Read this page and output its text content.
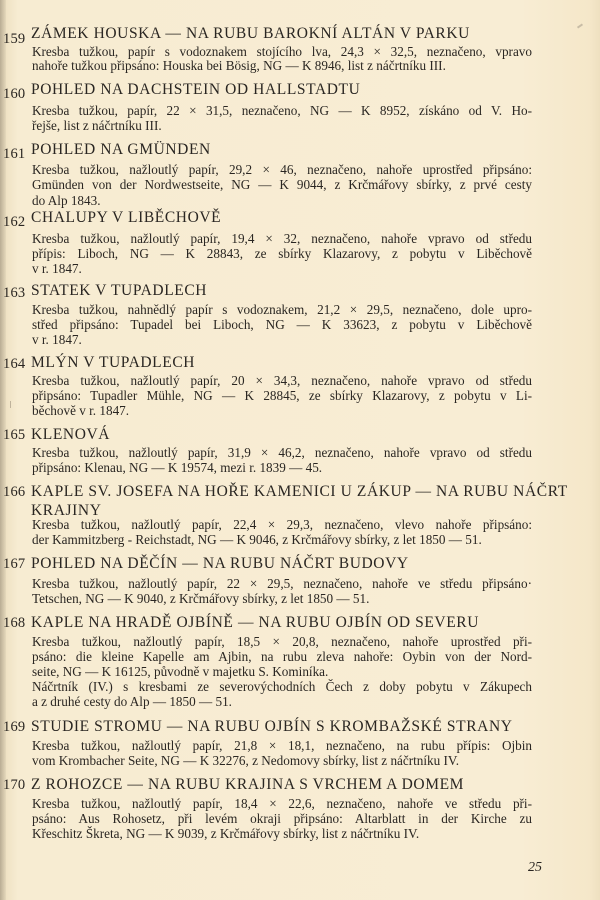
159 ZÁMEK HOUSKA — NA RUBU BAROKNÍ ALTÁN V PARKU
Kresba tužkou, papír s vodoznakem stojícího lva, 24,3 × 32,5, neznačeno, vpravo
nahoře tužkou připsáno: Houska bei Bösig, NG — K 8946, list z náčrtníku III.
160 POHLED NA DACHSTEIN OD HALLSTADTU
Kresba tužkou, papír, 22 × 31,5, neznačeno, NG — K 8952, získáno od V. Ho-
řejše, list z náčrtníku III.
161 POHLED NA GMÜNDEN
Kresba tužkou, nažloutlý papír, 29,2 × 46, neznačeno, nahoře uprostřed připsáno:
Gmünden von der Nordwestseite, NG — K 9044, z Krčmářovy sbírky, z prvé cesty
do Alp 1843.
162 CHALUPY V LIBĚCHOVĚ
Kresba tužkou, nažloutlý papír, 19,4 × 32, neznačeno, nahoře vpravo od středu
přípis: Liboch, NG — K 28843, ze sbírky Klazarovy, z pobytu v Liběchově
v r. 1847.
163 STATEK V TUPADLECH
Kresba tužkou, nahnědlý papír s vodoznakem, 21,2 × 29,5, neznačeno, dole upro-
střed připsáno: Tupadel bei Liboch, NG — K 33623, z pobytu v Liběchově
v r. 1847.
164 MLÝN V TUPADLECH
Kresba tužkou, nažloutlý papír, 20 × 34,3, neznačeno, nahoře vpravo od středu
připsáno: Tupadler Mühle, NG — K 28845, ze sbírky Klazarovy, z pobytu v Li-
běchově v r. 1847.
165 KLENOVÁ
Kresba tužkou, nažloutlý papír, 31,9 × 46,2, neznačeno, nahoře vpravo od středu
připsáno: Klenau, NG — K 19574, mezi r. 1839 — 45.
166 KAPLE SV. JOSEFA NA HOŘE KAMENICI U ZÁKUP — NA RUBU NÁČRT
KRAJINY
Kresba tužkou, nažloutlý papír, 22,4 × 29,3, neznačeno, vlevo nahoře připsáno:
der Kammitzberg - Reichstadt, NG — K 9046, z Krčmářovy sbírky, z let 1850 — 51.
167 POHLED NA DĚČÍN — NA RUBU NÁČRT BUDOVY
Kresba tužkou, nažloutlý papír, 22 × 29,5, neznačeno, nahoře ve středu připsáno·
Tetschen, NG — K 9040, z Krčmářovy sbírky, z let 1850 — 51.
168 KAPLE NA HRADĚ OJBÍNĚ — NA RUBU OJBÍN OD SEVERU
Kresba tužkou, nažloutlý papír, 18,5 × 20,8, neznačeno, nahoře uprostřed při-
psáno: die kleine Kapelle am Ajbin, na rubu zleva nahoře: Oybin von der Nord-
seite, NG — K 16125, původně v majetku S. Kominíka.
Náčrtník (IV.) s kresbami ze severovýchodních Čech z doby pobytu v Zákupech
a z druhé cesty do Alp — 1850 — 51.
169 STUDIE STROMU — NA RUBU OJBÍN S KROMBAŽSKÉ STRANY
Kresba tužkou, nažloutlý papír, 21,8 × 18,1, neznačeno, na rubu přípis: Ojbin
vom Krombacher Seite, NG — K 32276, z Nedomovy sbírky, list z náčrtníku IV.
170 Z ROHOZCE — NA RUBU KRAJINA S VRCHEM A DOMEM
Kresba tužkou, nažloutlý papír, 18,4 × 22,6, neznačeno, nahoře ve středu při-
psáno: Aus Rohosetz, při levém okraji připsáno: Altarblatt in der Kirche zu
Křeschitz Škreta, NG — K 9039, z Krčmářovy sbírky, list z náčrtníku IV.
25
